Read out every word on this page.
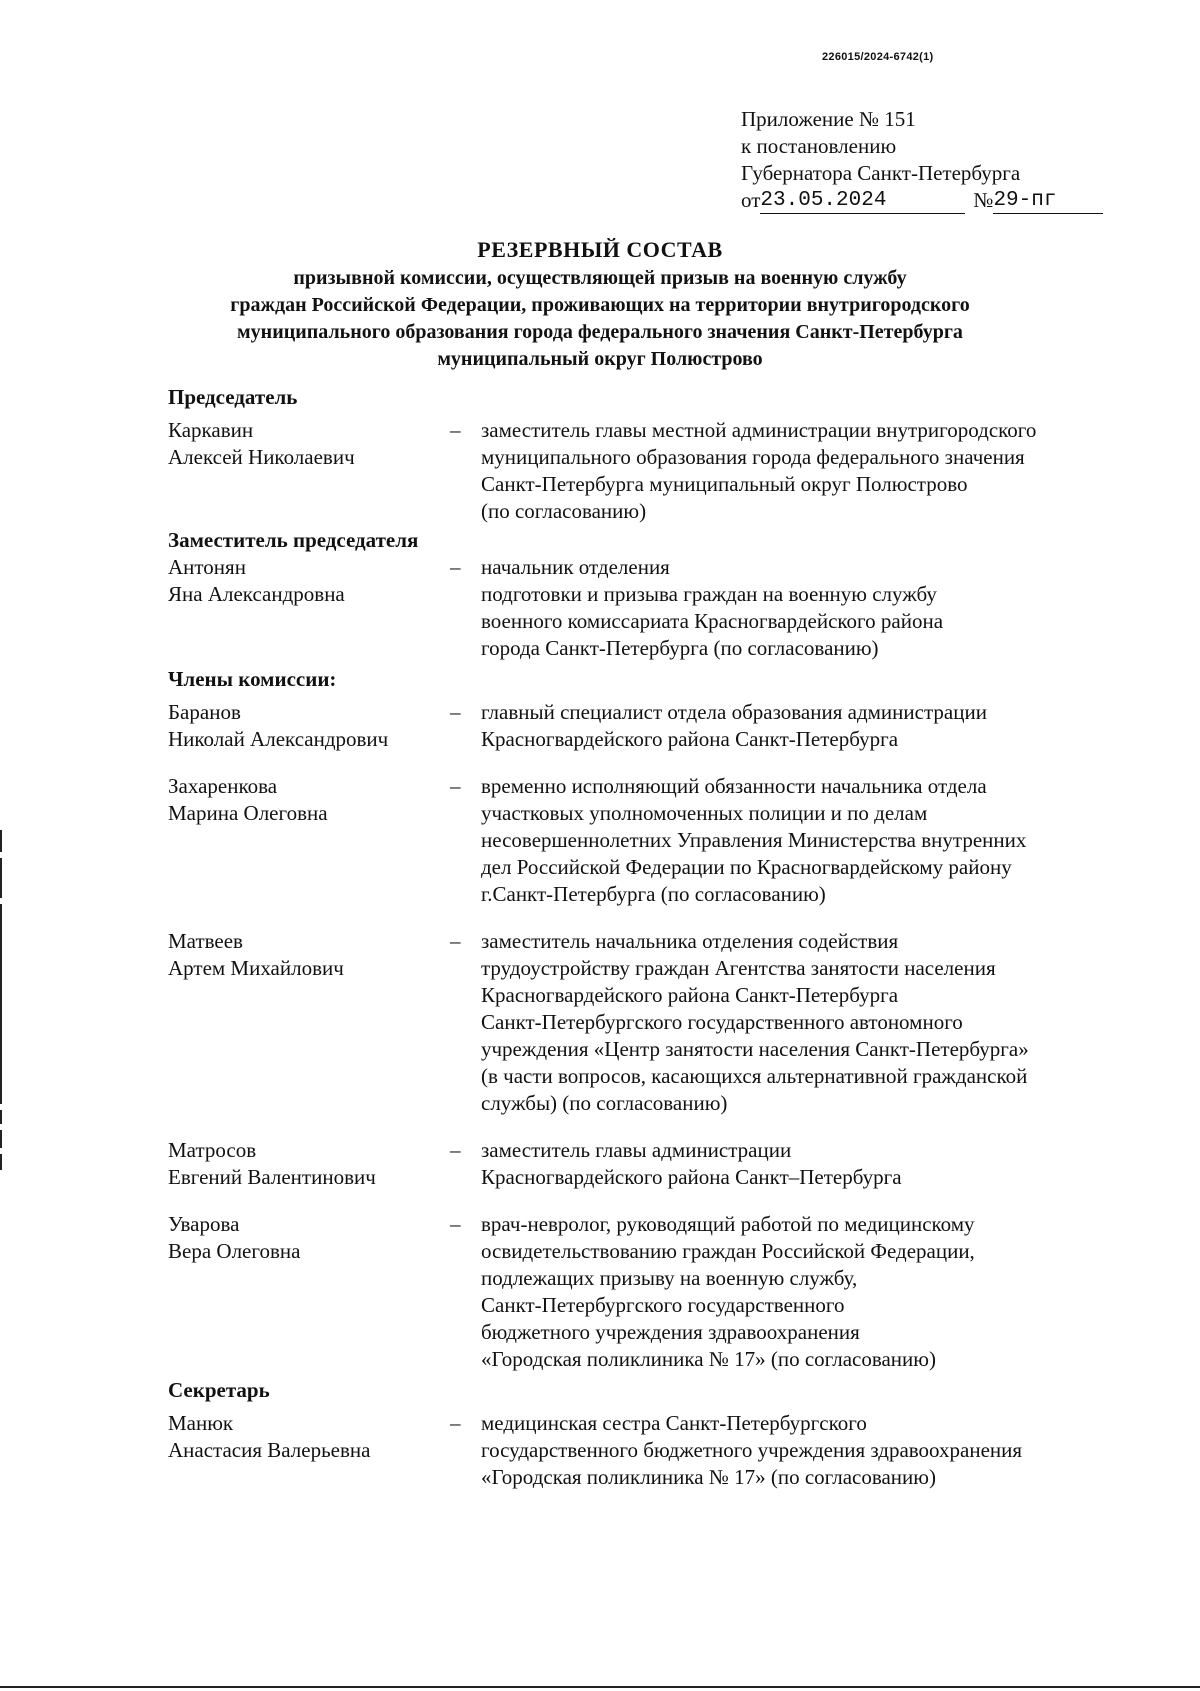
226015/2024-6742(1)
Приложение № 151
к постановлению
Губернатора Санкт-Петербурга
от 23.05.2024	№ 29-пг
РЕЗЕРВНЫЙ СОСТАВ
призывной комиссии, осуществляющей призыв на военную службу
граждан Российской Федерации, проживающих на территории внутригородского
муниципального образования города федерального значения Санкт-Петербурга
муниципальный округ Полюстрово
Председатель
Каркавин
Алексей Николаевич
– заместитель главы местной администрации внутригородского
муниципального образования города федерального значения
Санкт-Петербурга муниципальный округ Полюстрово
(по согласованию)
Заместитель председателя
Антонян
Яна Александровна
– начальник отделения
подготовки и призыва граждан на военную службу
военного комиссариата Красногвардейского района
города Санкт-Петербурга (по согласованию)
Члены комиссии:
Баранов
Николай Александрович
– главный специалист отдела образования администрации
Красногвардейского района Санкт-Петербурга
Захаренкова
Марина Олеговна
– временно исполняющий обязанности начальника отдела
участковых уполномоченных полиции и по делам
несовершеннолетних Управления Министерства внутренних
дел Российской Федерации по Красногвардейскому району
г.Санкт-Петербурга (по согласованию)
Матвеев
Артем Михайлович
– заместитель начальника отделения содействия
трудоустройству граждан Агентства занятости населения
Красногвардейского района Санкт-Петербурга
Санкт-Петербургского государственного автономного
учреждения «Центр занятости населения Санкт-Петербурга»
(в части вопросов, касающихся альтернативной гражданской
службы) (по согласованию)
Матросов
Евгений Валентинович
– заместитель главы администрации
Красногвардейского района Санкт–Петербурга
Уварова
Вера Олеговна
– врач-невролог, руководящий работой по медицинскому
освидетельствованию граждан Российской Федерации,
подлежащих призыву на военную службу,
Санкт-Петербургского государственного
бюджетного учреждения здравоохранения
«Городская поликлиника № 17» (по согласованию)
Секретарь
Манюк
Анастасия Валерьевна
– медицинская сестра Санкт-Петербургского
государственного бюджетного учреждения здравоохранения
«Городская поликлиника № 17» (по согласованию)
